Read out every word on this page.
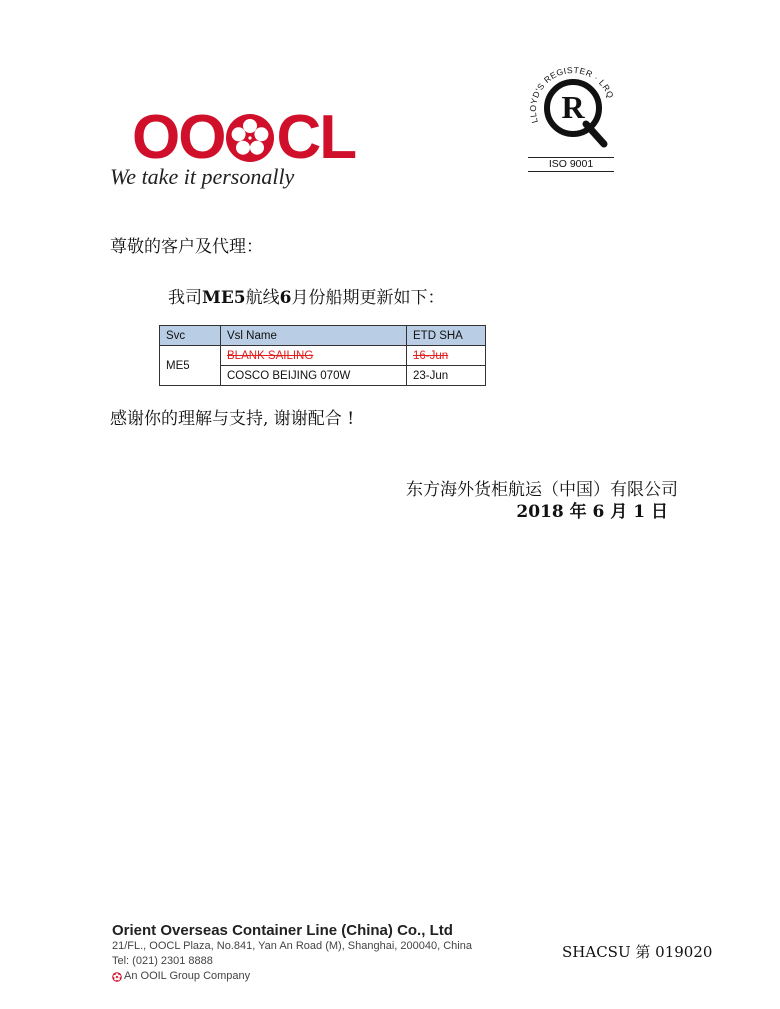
OO CL
We take it personally
LLOYD'S REGISTER · LRQ
R
ISO 9001
尊敬的客户及代理：
我司ME5航线6月份船期更新如下：
Svc	Vsl Name	ETD SHA
ME5	BLANK SAILING	16-Jun
	COSCO BEIJING 070W	23-Jun
感谢你的理解与支持, 谢谢配合 !
东方海外货柜航运（中国）有限公司
2018 年 6 月 1 日
Orient Overseas Container Line (China) Co., Ltd
21/FL., OOCL Plaza, No.841, Yan An Road (M), Shanghai, 200040, China
Tel: (021) 2301 8888
An OOIL Group Company
SHACSU 第 019020
